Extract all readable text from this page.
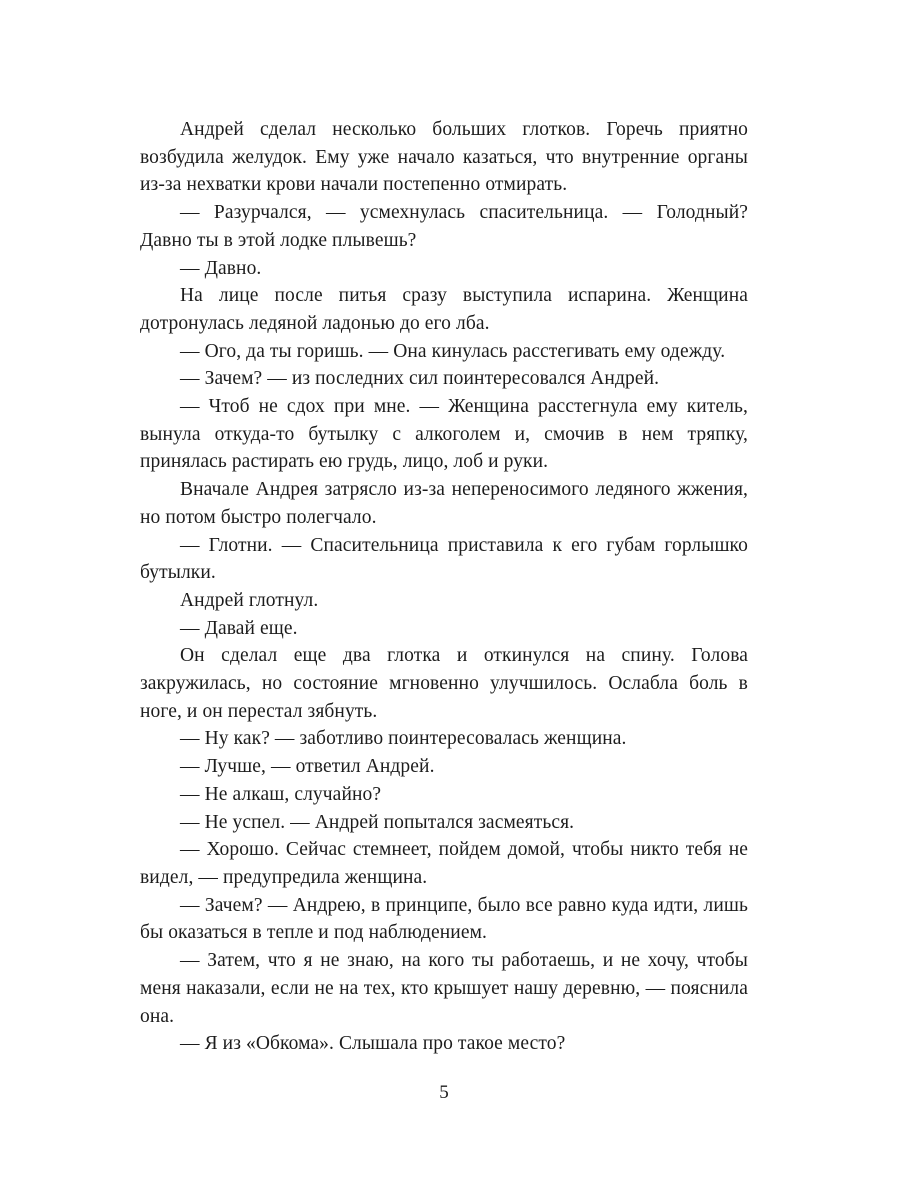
Андрей сделал несколько больших глотков. Горечь приятно возбудила желудок. Ему уже начало казаться, что внутренние органы из-за нехватки крови начали постепенно отмирать.

— Разурчался, — усмехнулась спасительница. — Голодный? Давно ты в этой лодке плывешь?

— Давно.

На лице после питья сразу выступила испарина. Женщина дотронулась ледяной ладонью до его лба.

— Ого, да ты горишь. — Она кинулась расстегивать ему одежду.

— Зачем? — из последних сил поинтересовался Андрей.

— Чтоб не сдох при мне. — Женщина расстегнула ему китель, вынула откуда-то бутылку с алкоголем и, смочив в нем тряпку, принялась растирать ею грудь, лицо, лоб и руки.

Вначале Андрея затрясло из-за непереносимого ледяного жжения, но потом быстро полегчало.

— Глотни. — Спасительница приставила к его губам горлышко бутылки.

Андрей глотнул.

— Давай еще.

Он сделал еще два глотка и откинулся на спину. Голова закружилась, но состояние мгновенно улучшилось. Ослабла боль в ноге, и он перестал зябнуть.

— Ну как? — заботливо поинтересовалась женщина.

— Лучше, — ответил Андрей.

— Не алкаш, случайно?

— Не успел. — Андрей попытался засмеяться.

— Хорошо. Сейчас стемнеет, пойдем домой, чтобы никто тебя не видел, — предупредила женщина.

— Зачем? — Андрею, в принципе, было все равно куда идти, лишь бы оказаться в тепле и под наблюдением.

— Затем, что я не знаю, на кого ты работаешь, и не хочу, чтобы меня наказали, если не на тех, кто крышует нашу деревню, — пояснила она.

— Я из «Обкома». Слышала про такое место?

5
